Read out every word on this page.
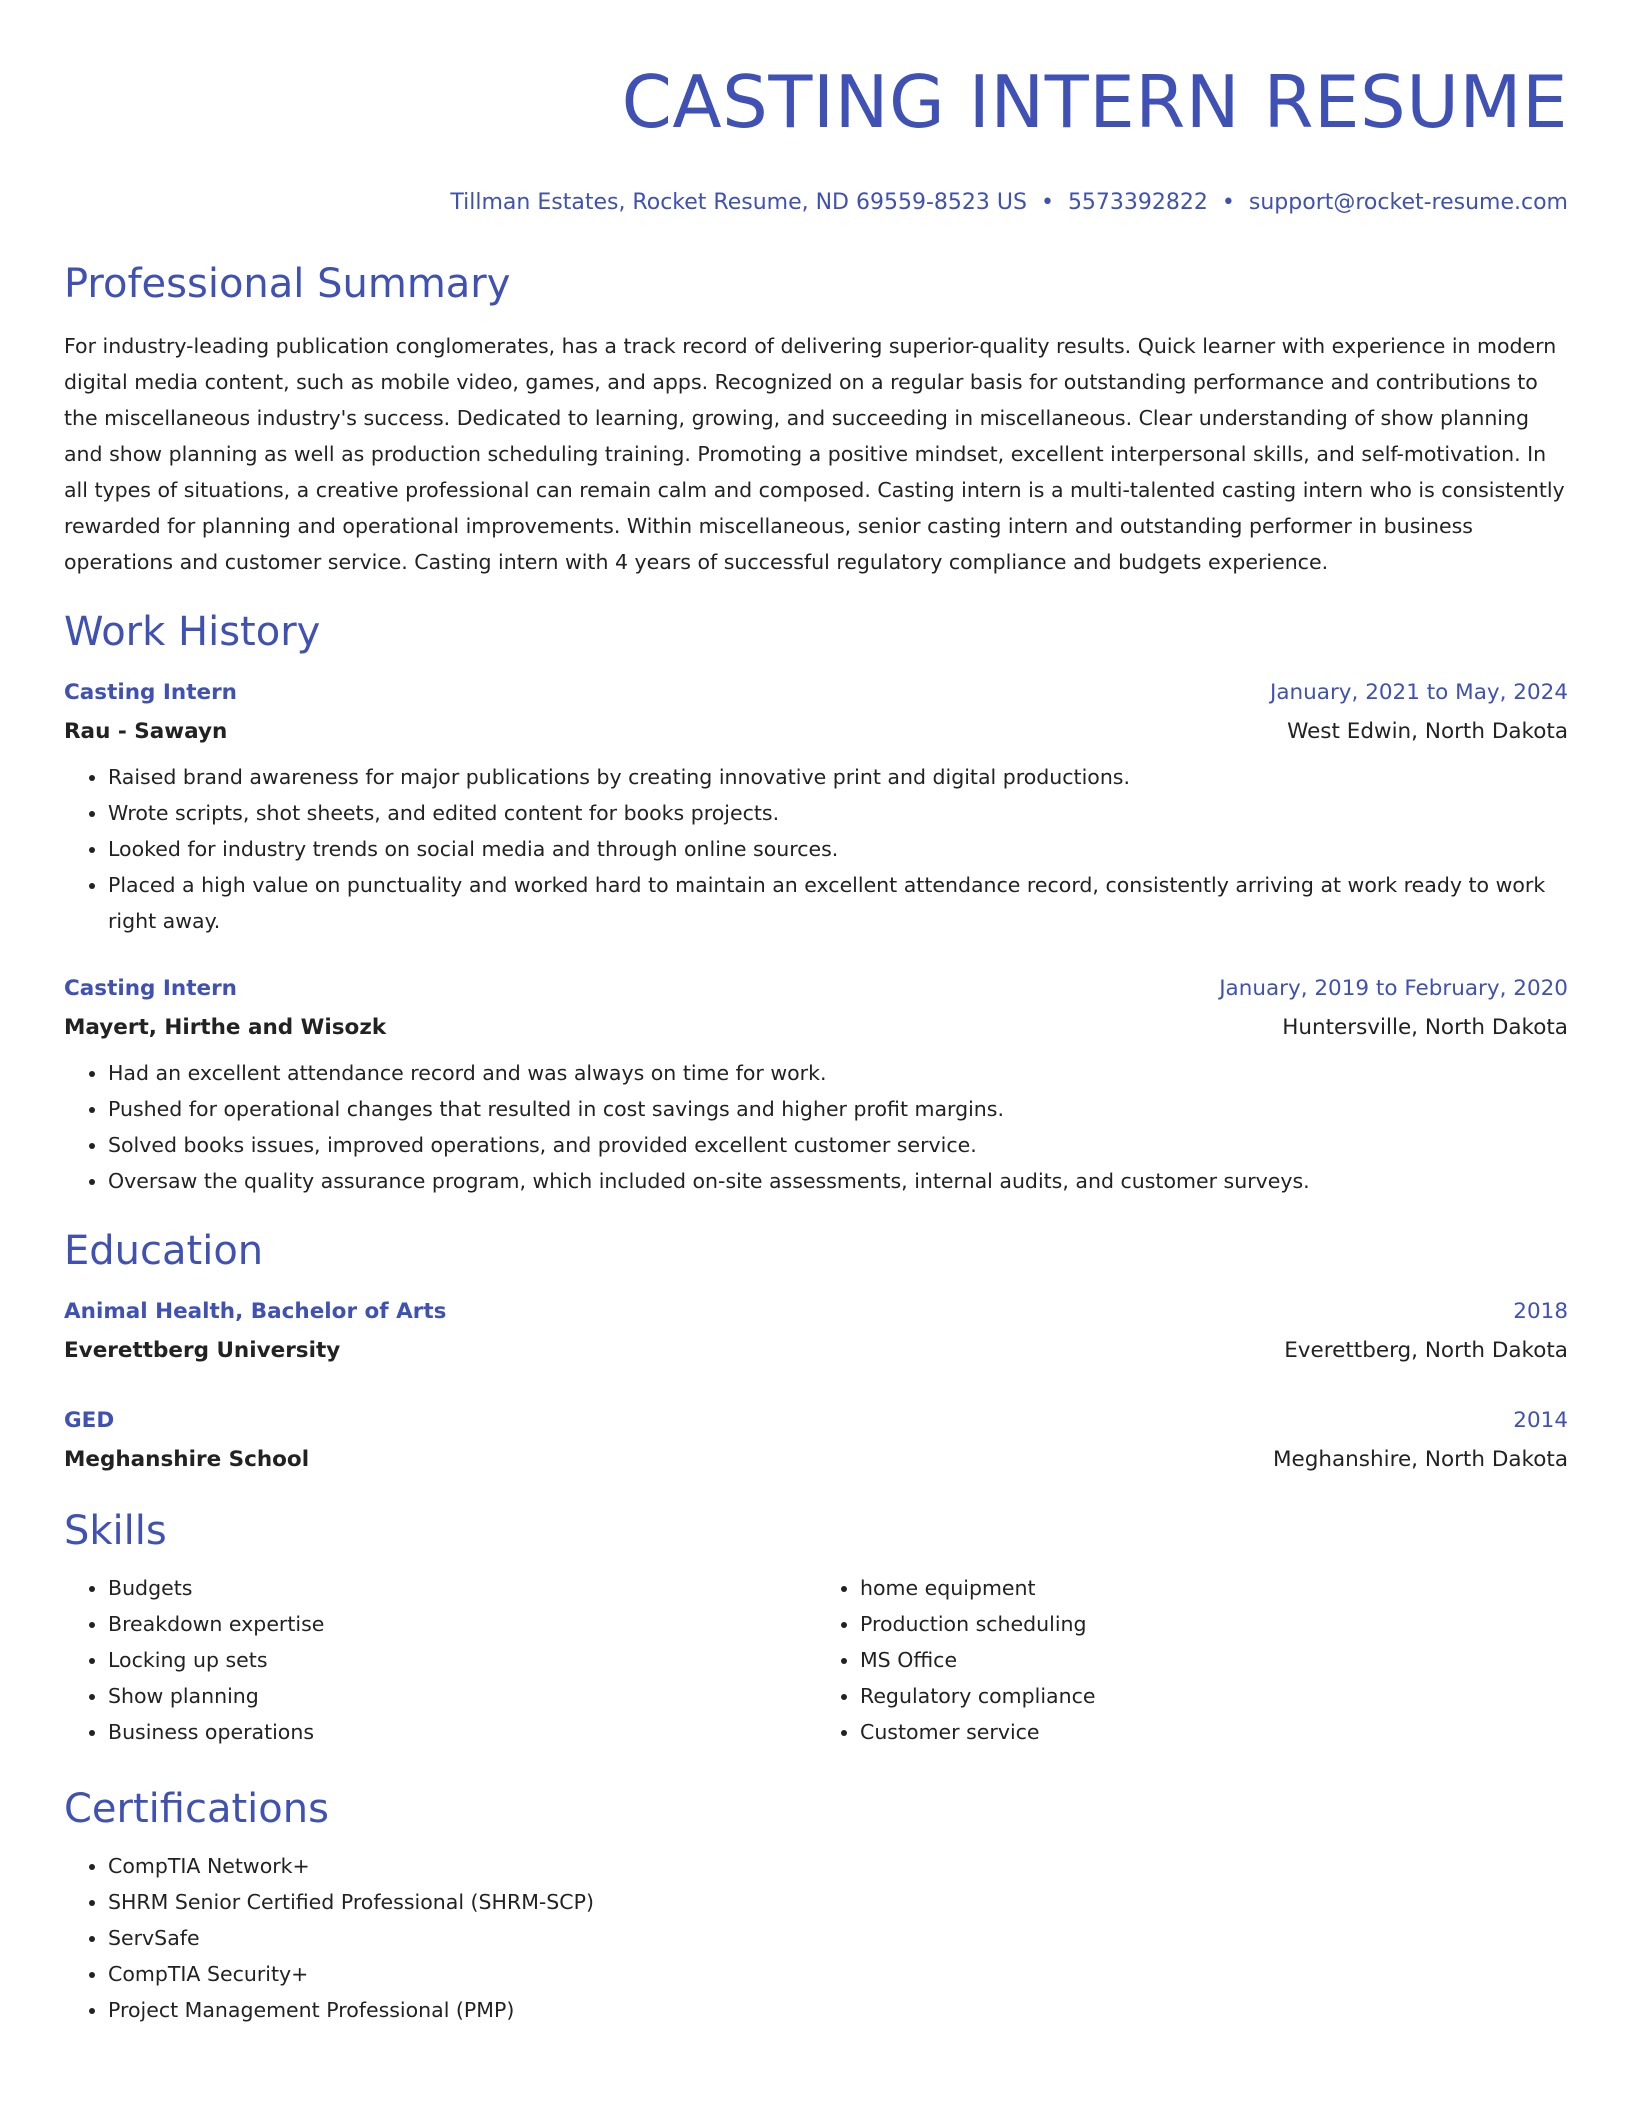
CASTING INTERN RESUME
Tillman Estates, Rocket Resume, ND 69559-8523 US • 5573392822 • support@rocket-resume.com
Professional Summary
For industry-leading publication conglomerates, has a track record of delivering superior-quality results. Quick learner with experience in modern digital media content, such as mobile video, games, and apps. Recognized on a regular basis for outstanding performance and contributions to the miscellaneous industry's success. Dedicated to learning, growing, and succeeding in miscellaneous. Clear understanding of show planning and show planning as well as production scheduling training. Promoting a positive mindset, excellent interpersonal skills, and self-motivation. In all types of situations, a creative professional can remain calm and composed. Casting intern is a multi-talented casting intern who is consistently rewarded for planning and operational improvements. Within miscellaneous, senior casting intern and outstanding performer in business operations and customer service. Casting intern with 4 years of successful regulatory compliance and budgets experience.
Work History
Casting Intern	January, 2021 to May, 2024
Rau - Sawayn	West Edwin, North Dakota
• Raised brand awareness for major publications by creating innovative print and digital productions.
• Wrote scripts, shot sheets, and edited content for books projects.
• Looked for industry trends on social media and through online sources.
• Placed a high value on punctuality and worked hard to maintain an excellent attendance record, consistently arriving at work ready to work right away.
Casting Intern	January, 2019 to February, 2020
Mayert, Hirthe and Wisozk	Huntersville, North Dakota
• Had an excellent attendance record and was always on time for work.
• Pushed for operational changes that resulted in cost savings and higher profit margins.
• Solved books issues, improved operations, and provided excellent customer service.
• Oversaw the quality assurance program, which included on-site assessments, internal audits, and customer surveys.
Education
Animal Health, Bachelor of Arts	2018
Everettberg University	Everettberg, North Dakota
GED	2014
Meghanshire School	Meghanshire, North Dakota
Skills
• Budgets
• Breakdown expertise
• Locking up sets
• Show planning
• Business operations
• home equipment
• Production scheduling
• MS Office
• Regulatory compliance
• Customer service
Certifications
• CompTIA Network+
• SHRM Senior Certified Professional (SHRM-SCP)
• ServSafe
• CompTIA Security+
• Project Management Professional (PMP)
